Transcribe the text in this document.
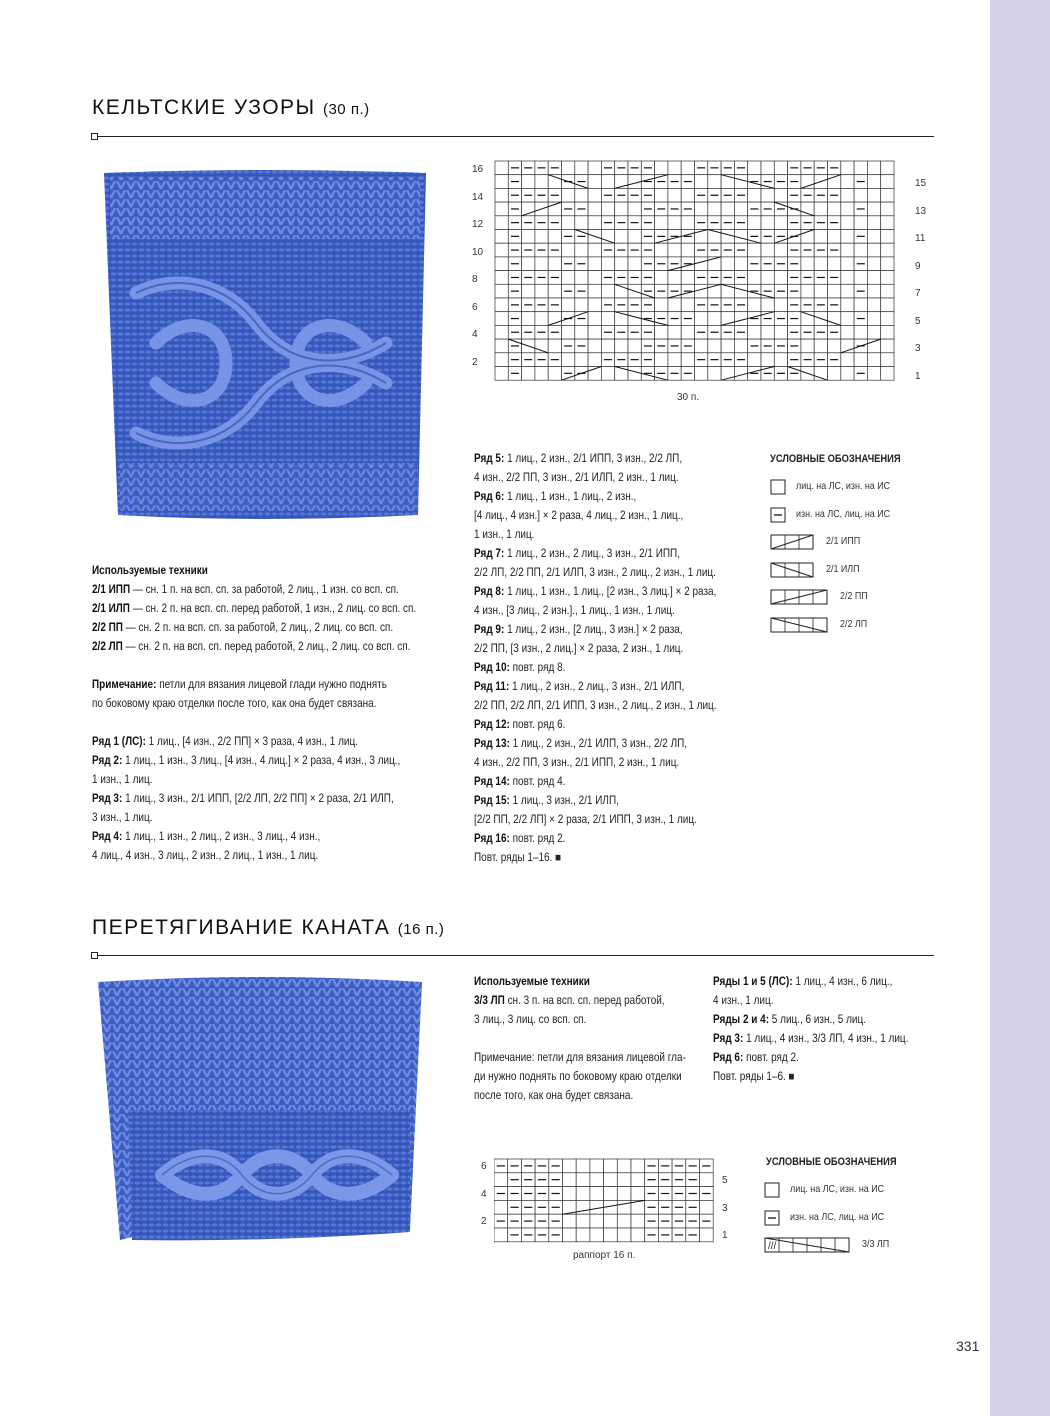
КЕЛЬТСКИЕ УЗОРЫ (30 п.)
16
14
12
10
8
6
4
2
15
13
11
9
7
5
3
1
30 п.

Используемые техники

2/1 ИПП — сн. 1 п. на всп. сп. за работой, 2 лиц., 1 изн. со всп. сп.

2/1 ИЛП — сн. 2 п. на всп. сп. перед работой, 1 изн., 2 лиц. со всп. сп.

2/2 ПП — сн. 2 п. на всп. сп. за работой, 2 лиц., 2 лиц. со всп. сп.

2/2 ЛП — сн. 2 п. на всп. сп. перед работой, 2 лиц., 2 лиц. со всп. сп.

Примечание: петли для вязания лицевой глади нужно поднять

по боковому краю отделки после того, как она будет связана.

Ряд 1 (ЛС): 1 лиц., [4 изн., 2/2 ПП] × 3 раза, 4 изн., 1 лиц.

Ряд 2: 1 лиц., 1 изн., 3 лиц., [4 изн., 4 лиц.] × 2 раза, 4 изн., 3 лиц.,

1 изн., 1 лиц.

Ряд 3: 1 лиц., 3 изн., 2/1 ИПП, [2/2 ЛП, 2/2 ПП] × 2 раза, 2/1 ИЛП,

3 изн., 1 лиц.

Ряд 4: 1 лиц., 1 изн., 2 лиц., 2 изн., 3 лиц., 4 изн.,

4 лиц., 4 изн., 3 лиц., 2 изн., 2 лиц., 1 изн., 1 лиц.

Ряд 5: 1 лиц., 2 изн., 2/1 ИПП, 3 изн., 2/2 ЛП,

4 изн., 2/2 ПП, 3 изн., 2/1 ИЛП, 2 изн., 1 лиц.

Ряд 6: 1 лиц., 1 изн., 1 лиц., 2 изн.,

[4 лиц., 4 изн.] × 2 раза, 4 лиц., 2 изн., 1 лиц.,

1 изн., 1 лиц.

Ряд 7: 1 лиц., 2 изн., 2 лиц., 3 изн., 2/1 ИПП,

2/2 ЛП, 2/2 ПП, 2/1 ИЛП, 3 изн., 2 лиц., 2 изн., 1 лиц.

Ряд 8: 1 лиц., 1 изн., 1 лиц., [2 изн., 3 лиц.] × 2 раза,

4 изн., [3 лиц., 2 изн.]., 1 лиц., 1 изн., 1 лиц.

Ряд 9: 1 лиц., 2 изн., [2 лиц., 3 изн.] × 2 раза,

2/2 ПП, [3 изн., 2 лиц.] × 2 раза, 2 изн., 1 лиц.

Ряд 10: повт. ряд 8.

Ряд 11: 1 лиц., 2 изн., 2 лиц., 3 изн., 2/1 ИЛП,

2/2 ПП, 2/2 ЛП, 2/1 ИПП, 3 изн., 2 лиц., 2 изн., 1 лиц.

Ряд 12: повт. ряд 6.

Ряд 13: 1 лиц., 2 изн., 2/1 ИЛП, 3 изн., 2/2 ЛП,

4 изн., 2/2 ПП, 3 изн., 2/1 ИПП, 2 изн., 1 лиц.

Ряд 14: повт. ряд 4.

Ряд 15: 1 лиц., 3 изн., 2/1 ИЛП,

[2/2 ПП, 2/2 ЛП] × 2 раза, 2/1 ИПП, 3 изн., 1 лиц.

Ряд 16: повт. ряд 2.

Повт. ряды 1–16. ■

УСЛОВНЫЕ ОБОЗНАЧЕНИЯ
лиц. на ЛС, изн. на ИС
изн. на ЛС, лиц. на ИС
2/1 ИПП
2/1 ИЛП
2/2 ПП
2/2 ЛП
ПЕРЕТЯГИВАНИЕ КАНАТА (16 п.)

Используемые техники

3/3 ЛП сн. 3 п. на всп. сп. перед работой,

3 лиц., 3 лиц. со всп. сп.

Примечание: петли для вязания лицевой гла-

ди нужно поднять по боковому краю отделки

после того, как она будет связана.

Ряды 1 и 5 (ЛС): 1 лиц., 4 изн., 6 лиц.,

4 изн., 1 лиц.

Ряды 2 и 4: 5 лиц., 6 изн., 5 лиц.

Ряд 3: 1 лиц., 4 изн., 3/3 ЛП, 4 изн., 1 лиц.

Ряд 6: повт. ряд 2.

Повт. ряды 1–6. ■

6
4
2
5
3
1
раппорт 16 п.
УСЛОВНЫЕ ОБОЗНАЧЕНИЯ
лиц. на ЛС, изн. на ИС
изн. на ЛС, лиц. на ИС
///	3/3 ЛП
331
